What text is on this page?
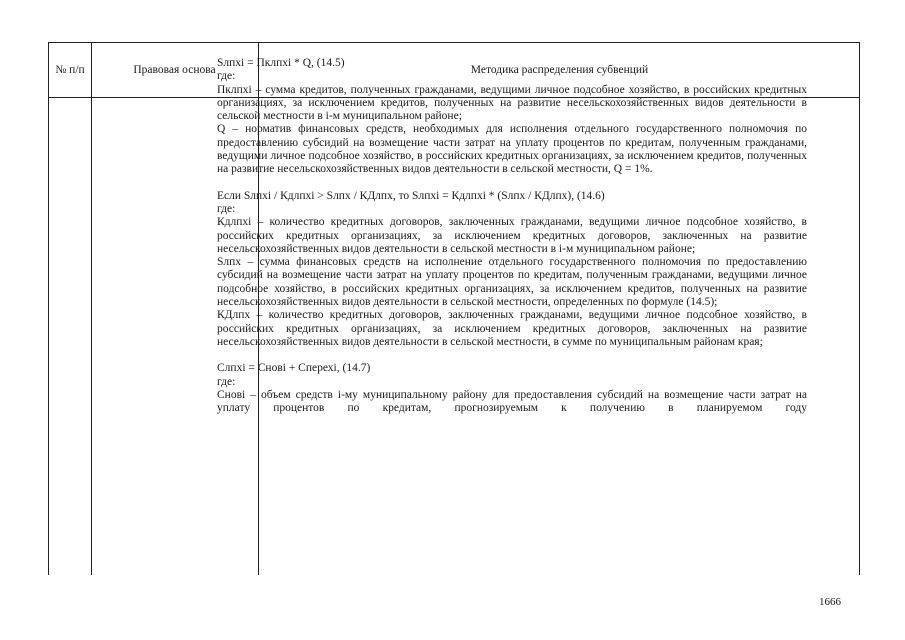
№ п/п	Правовая основа	Методика распределения субвенций

Sлпхi = Пклпхi * Q, (14.5)

где:

Пклпхi – сумма кредитов, полученных гражданами, ведущими личное подсобное хозяйство, в российских кредитных организациях, за исключением кредитов, полученных на развитие несельскохозяйственных видов деятельности в сельской местности в i-м муниципальном районе;

Q – норматив финансовых средств, необходимых для исполнения отдельного государственного полномочия по предоставлению субсидий на возмещение части затрат на уплату процентов по кредитам, полученным гражданами, ведущими личное подсобное хозяйство, в российских кредитных организациях, за исключением кредитов, полученных на развитие несельскохозяйственных видов деятельности в сельской местности, Q = 1%.

Если Sлпхi / Кдлпхi > Sлпх / КДлпх, то Sлпхi = Кдлпхi * (Sлпх / КДлпх), (14.6)

где:

Кдлпхi – количество кредитных договоров, заключенных гражданами, ведущими личное подсобное хозяйство, в российских кредитных организациях, за исключением кредитных договоров, заключенных на развитие несельскохозяйственных видов деятельности в сельской местности в i-м муниципальном районе;

Sлпх – сумма финансовых средств на исполнение отдельного государственного полномочия по предоставлению субсидий на возмещение части затрат на уплату процентов по кредитам, полученным гражданами, ведущими личное подсобное хозяйство, в российских кредитных организациях, за исключением кредитов, полученных на развитие несельскохозяйственных видов деятельности в сельской местности, определенных по формуле (14.5);

КДлпх – количество кредитных договоров, заключенных гражданами, ведущими личное подсобное хозяйство, в российских кредитных организациях, за исключением кредитных договоров, заключенных на развитие несельскохозяйственных видов деятельности в сельской местности, в сумме по муниципальным районам края;

Слпхi = Снові + Сперехі, (14.7)

где:

Снові – объем средств i-му муниципальному району для предоставления субсидий на возмещение части затрат на уплату процентов по кредитам, прогнозируемым к получению в планируемом году

1666
